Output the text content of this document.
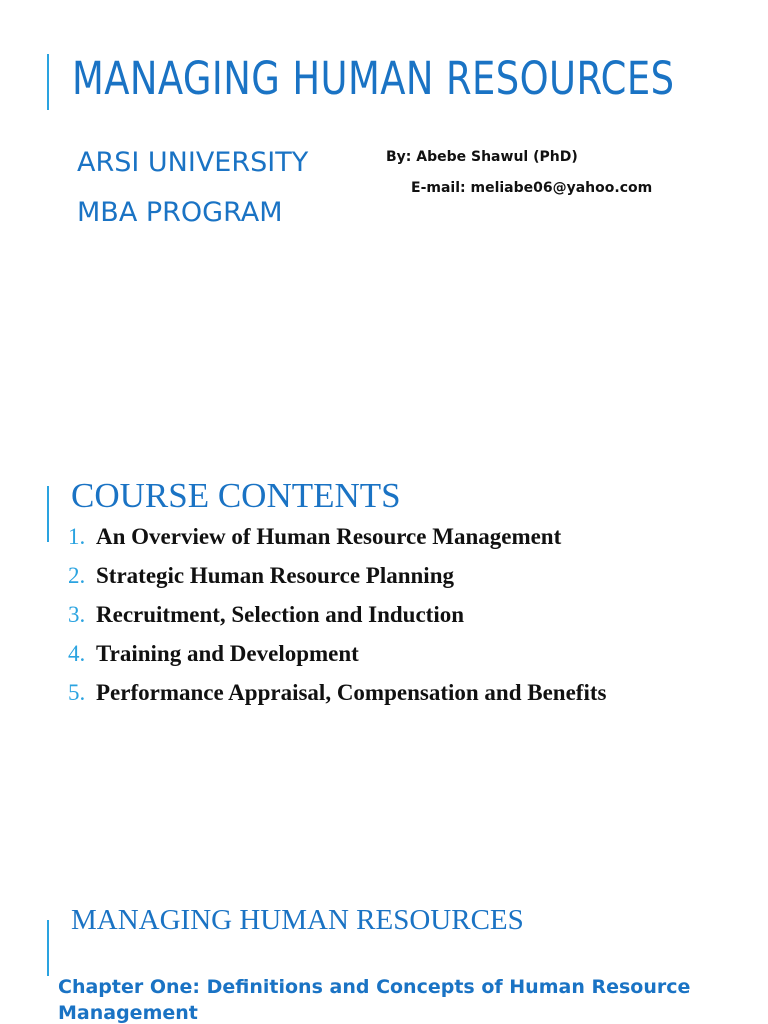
MANAGING HUMAN RESOURCES
ARSI UNIVERSITY
MBA PROGRAM
By: Abebe Shawul (PhD)
E-mail: meliabe06@yahoo.com
COURSE CONTENTS
1. An Overview of Human Resource Management
2. Strategic Human Resource Planning
3. Recruitment, Selection and Induction
4. Training and Development
5. Performance Appraisal, Compensation and Benefits
MANAGING HUMAN RESOURCES

Chapter One: Definitions and Concepts of Human Resource Management
